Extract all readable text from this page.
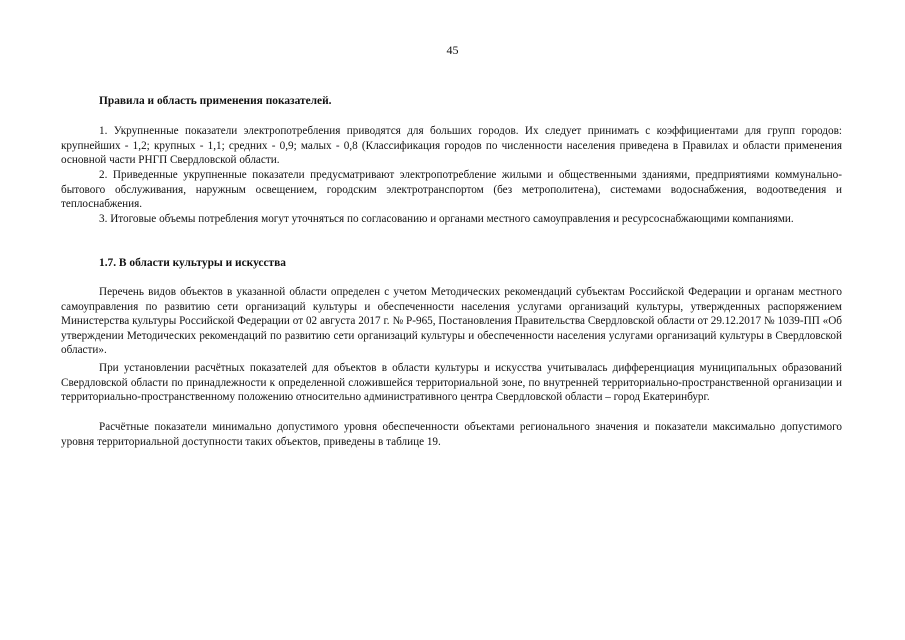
45
Правила и область применения показателей.
1. Укрупненные показатели электропотребления приводятся для больших городов. Их следует принимать с коэффициентами для групп городов: крупнейших - 1,2; крупных - 1,1; средних - 0,9; малых - 0,8 (Классификация городов по численности населения приведена в Правилах и области применения основной части РНГП Свердловской области.
2. Приведенные укрупненные показатели предусматривают электропотребление жилыми и общественными зданиями, предприятиями коммунально-бытового обслуживания, наружным освещением, городским электротранспортом (без метрополитена), системами водоснабжения, водоотведения и теплоснабжения.
3. Итоговые объемы потребления могут уточняться по согласованию и органами местного самоуправления и ресурсоснабжающими компаниями.
1.7. В области культуры и искусства
Перечень видов объектов в указанной области определен с учетом Методических рекомендаций субъектам Российской Федерации и органам местного самоуправления по развитию сети организаций культуры и обеспеченности населения услугами организаций культуры, утвержденных распоряжением Министерства культуры Российской Федерации от 02 августа 2017 г. № Р-965, Постановления Правительства Свердловской области от 29.12.2017 № 1039-ПП «Об утверждении Методических рекомендаций по развитию сети организаций культуры и обеспеченности населения услугами организаций культуры в Свердловской области».
При установлении расчётных показателей для объектов в области культуры и искусства учитывалась дифференциация муниципальных образований Свердловской области по принадлежности к определенной сложившейся территориальной зоне, по внутренней территориально-пространственной организации и территориально-пространственному положению относительно административного центра Свердловской области – город Екатеринбург.
Расчётные показатели минимально допустимого уровня обеспеченности объектами регионального значения и показатели максимально допустимого уровня территориальной доступности таких объектов, приведены в таблице 19.
